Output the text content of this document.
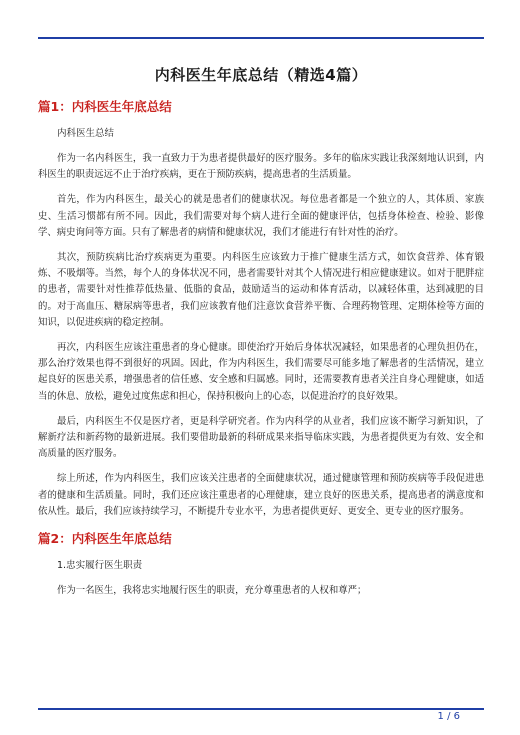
内科医生年底总结（精选4篇）
篇1：内科医生年底总结
内科医生总结

作为一名内科医生，我一直致力于为患者提供最好的医疗服务。多年的临床实践让我深刻地认识到，内科医生的职责远远不止于治疗疾病，更在于预防疾病，提高患者的生活质量。

首先，作为内科医生，最关心的就是患者们的健康状况。每位患者都是一个独立的人，其体质、家族史、生活习惯都有所不同。因此，我们需要对每个病人进行全面的健康评估，包括身体检查、检验、影像学、病史询问等方面。只有了解患者的病情和健康状况，我们才能进行有针对性的治疗。

其次，预防疾病比治疗疾病更为重要。内科医生应该致力于推广健康生活方式，如饮食营养、体育锻炼、不吸烟等。当然，每个人的身体状况不同，患者需要针对其个人情况进行相应健康建议。如对于肥胖症的患者，需要针对性推荐低热量、低脂的食品，鼓励适当的运动和体育活动，以减轻体重，达到减肥的目的。对于高血压、糖尿病等患者，我们应该教育他们注意饮食营养平衡、合理药物管理、定期体检等方面的知识，以促进疾病的稳定控制。

再次，内科医生应该注重患者的身心健康。即使治疗开始后身体状况减轻，如果患者的心理负担仍在，那么治疗效果也得不到很好的巩固。因此，作为内科医生，我们需要尽可能多地了解患者的生活情况，建立起良好的医患关系，增强患者的信任感、安全感和归属感。同时，还需要教育患者关注自身心理健康，如适当的休息、放松，避免过度焦虑和担心，保持积极向上的心态，以促进治疗的良好效果。

最后，内科医生不仅是医疗者，更是科学研究者。作为内科学的从业者，我们应该不断学习新知识，了解新疗法和新药物的最新进展。我们要借助最新的科研成果来指导临床实践，为患者提供更为有效、安全和高质量的医疗服务。

综上所述，作为内科医生，我们应该关注患者的全面健康状况，通过健康管理和预防疾病等手段促进患者的健康和生活质量。同时，我们还应该注重患者的心理健康，建立良好的医患关系，提高患者的满意度和依从性。最后，我们应该持续学习，不断提升专业水平，为患者提供更好、更安全、更专业的医疗服务。

篇2：内科医生年底总结
1.忠实履行医生职责

作为一名医生，我将忠实地履行医生的职责，充分尊重患者的人权和尊严；

1 / 6
